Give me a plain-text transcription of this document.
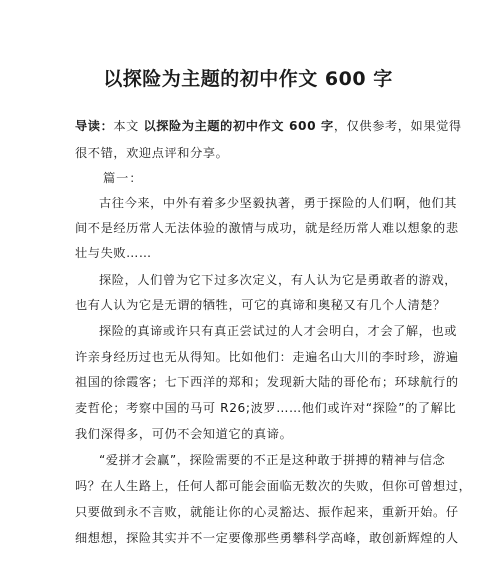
以探险为主题的初中作文 600 字
导读：本文 以探险为主题的初中作文 600 字，仅供参考，如果觉得
很不错，欢迎点评和分享。
篇一：
古往今来，中外有着多少坚毅执著，勇于探险的人们啊，他们其
间不是经历常人无法体验的激情与成功，就是经历常人难以想象的悲
壮与失败……
探险，人们曾为它下过多次定义，有人认为它是勇敢者的游戏，
也有人认为它是无谓的牺牲，可它的真谛和奥秘又有几个人清楚？
探险的真谛或许只有真正尝试过的人才会明白，才会了解，也或
许亲身经历过也无从得知。比如他们：走遍名山大川的李时珍，游遍
祖国的徐霞客；七下西洋的郑和；发现新大陆的哥伦布；环球航行的
麦哲伦；考察中国的马可 R26;波罗……他们或许对“探险”的了解比
我们深得多，可仍不会知道它的真谛。
“爱拼才会赢”，探险需要的不正是这种敢于拼搏的精神与信念
吗？在人生路上，任何人都可能会面临无数次的失败，但你可曾想过，
只要做到永不言败，就能让你的心灵豁达、振作起来，重新开始。仔
细想想，探险其实并不一定要像那些勇攀科学高峰，敢创新辉煌的人
